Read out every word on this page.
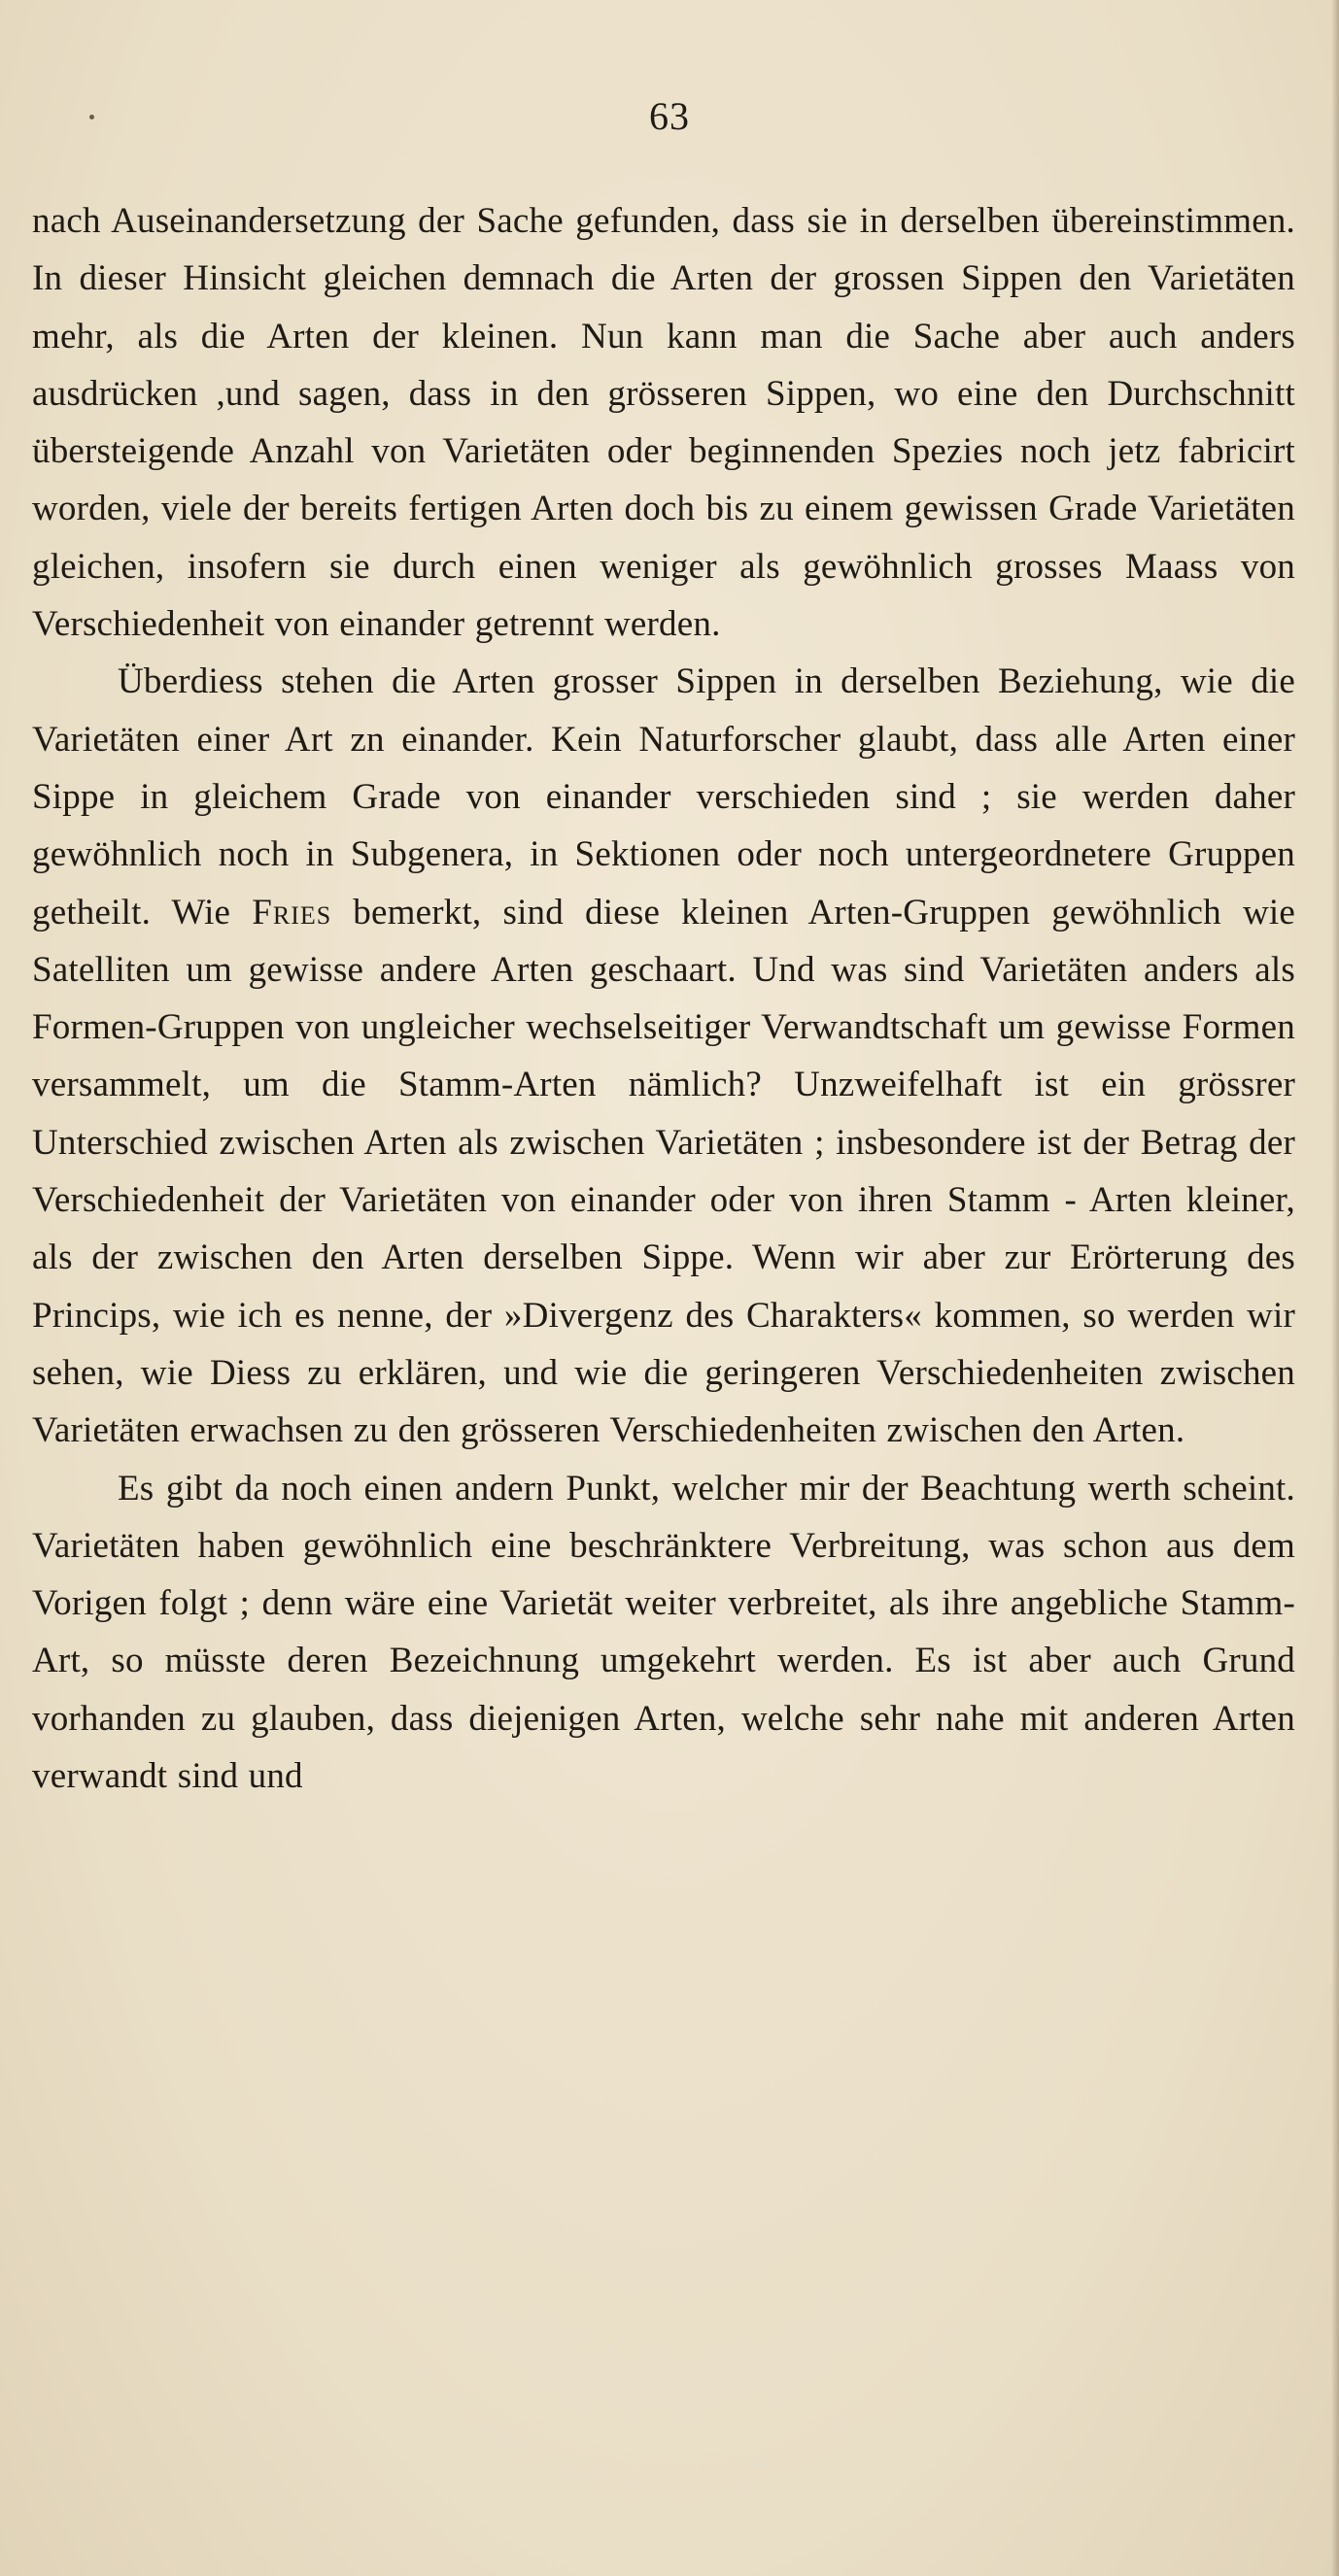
63

nach Auseinandersetzung der Sache gefunden, dass sie in derselben übereinstimmen. In dieser Hinsicht gleichen demnach die Arten der grossen Sippen den Varietäten mehr, als die Arten der kleinen. Nun kann man die Sache aber auch anders ausdrücken ,und sagen, dass in den grösseren Sippen, wo eine den Durchschnitt übersteigende Anzahl von Varietäten oder beginnenden Spezies noch jetz fabricirt worden, viele der bereits fertigen Arten doch bis zu einem gewissen Grade Varietäten gleichen, insofern sie durch einen weniger als gewöhnlich grosses Maass von Verschiedenheit von einander getrennt werden.

Überdiess stehen die Arten grosser Sippen in derselben Beziehung, wie die Varietäten einer Art zn einander. Kein Naturforscher glaubt, dass alle Arten einer Sippe in gleichem Grade von einander verschieden sind ; sie werden daher gewöhnlich noch in Subgenera, in Sektionen oder noch untergeordnetere Gruppen getheilt. Wie Fries bemerkt, sind diese kleinen Arten-Gruppen gewöhnlich wie Satelliten um gewisse andere Arten geschaart. Und was sind Varietäten anders als Formen-Gruppen von ungleicher wechselseitiger Verwandtschaft um gewisse Formen versammelt, um die Stamm-Arten nämlich? Unzweifelhaft ist ein grössrer Unterschied zwischen Arten als zwischen Varietäten ; insbesondere ist der Betrag der Verschiedenheit der Varietäten von einander oder von ihren Stamm - Arten kleiner, als der zwischen den Arten derselben Sippe. Wenn wir aber zur Erörterung des Princips, wie ich es nenne, der »Divergenz des Charakters« kommen, so werden wir sehen, wie Diess zu erklären, und wie die geringeren Verschiedenheiten zwischen Varietäten erwachsen zu den grösseren Verschiedenheiten zwischen den Arten.

Es gibt da noch einen andern Punkt, welcher mir der Beachtung werth scheint. Varietäten haben gewöhnlich eine beschränktere Verbreitung, was schon aus dem Vorigen folgt ; denn wäre eine Varietät weiter verbreitet, als ihre angebliche Stamm-Art, so müsste deren Bezeichnung umgekehrt werden. Es ist aber auch Grund vorhanden zu glauben, dass diejenigen Arten, welche sehr nahe mit anderen Arten verwandt sind und
